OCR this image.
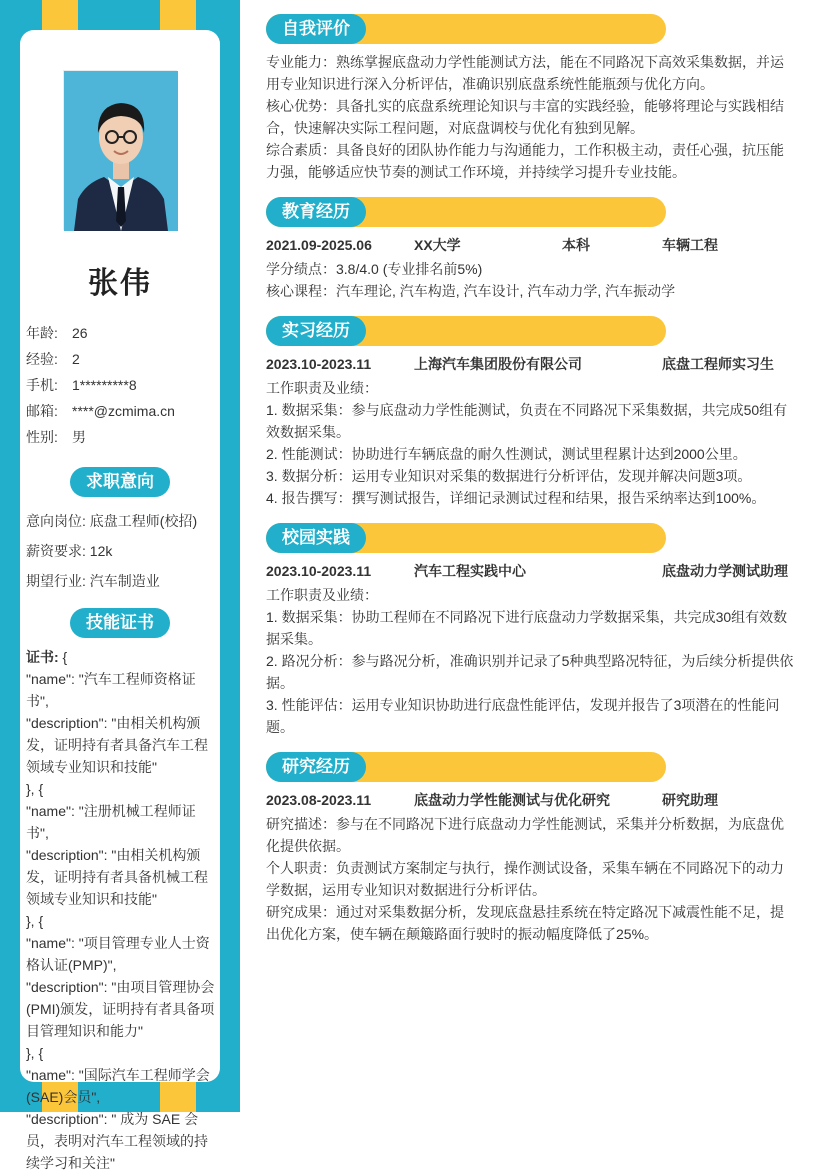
张伟
年龄:	26
经验:	2
手机:	1*********8
邮箱:	****@zcmima.cn
性别:	男
求职意向
意向岗位: 底盘工程师(校招)
薪资要求: 12k
期望行业: 汽车制造业
技能证书
证书: {
"name": "汽车工程师资格证书",
"description": "由相关机构颁发，证明持有者具备汽车工程领域专业知识和技能"
}, {
"name": "注册机械工程师证书",
"description": "由相关机构颁发，证明持有者具备机械工程领域专业知识和技能"
}, {
"name": "项目管理专业人士资格认证(PMP)",
"description": "由项目管理协会(PMI)颁发，证明持有者具备项目管理知识和能力"
}, {
"name": "国际汽车工程师学会(SAE)会员",
"description": " 成为 SAE 会员，表明对汽车工程领域的持续学习和关注"
自我评价
专业能力：熟练掌握底盘动力学性能测试方法，能在不同路况下高效采集数据，并运用专业知识进行深入分析评估，准确识别底盘系统性能瓶颈与优化方向。
核心优势：具备扎实的底盘系统理论知识与丰富的实践经验，能够将理论与实践相结合，快速解决实际工程问题，对底盘调校与优化有独到见解。
综合素质：具备良好的团队协作能力与沟通能力，工作积极主动，责任心强，抗压能力强，能够适应快节奏的测试工作环境，并持续学习提升专业技能。
教育经历
2021.09-2025.06	XX大学	本科	车辆工程
学分绩点：3.8/4.0 (专业排名前5%)
核心课程：汽车理论, 汽车构造, 汽车设计, 汽车动力学, 汽车振动学
实习经历
2023.10-2023.11	上海汽车集团股份有限公司	底盘工程师实习生
工作职责及业绩：
1. 数据采集：参与底盘动力学性能测试，负责在不同路况下采集数据，共完成50组有效数据采集。
2. 性能测试：协助进行车辆底盘的耐久性测试，测试里程累计达到2000公里。
3. 数据分析：运用专业知识对采集的数据进行分析评估，发现并解决问题3项。
4. 报告撰写：撰写测试报告，详细记录测试过程和结果，报告采纳率达到100%。
校园实践
2023.10-2023.11	汽车工程实践中心	底盘动力学测试助理
工作职责及业绩：
1. 数据采集：协助工程师在不同路况下进行底盘动力学数据采集，共完成30组有效数据采集。
2. 路况分析：参与路况分析，准确识别并记录了5种典型路况特征，为后续分析提供依据。
3. 性能评估：运用专业知识协助进行底盘性能评估，发现并报告了3项潜在的性能问题。
研究经历
2023.08-2023.11	底盘动力学性能测试与优化研究	研究助理
研究描述：参与在不同路况下进行底盘动力学性能测试，采集并分析数据，为底盘优化提供依据。
个人职责：负责测试方案制定与执行，操作测试设备，采集车辆在不同路况下的动力学数据，运用专业知识对数据进行分析评估。
研究成果：通过对采集数据分析，发现底盘悬挂系统在特定路况下减震性能不足，提出优化方案，使车辆在颠簸路面行驶时的振动幅度降低了25%。
